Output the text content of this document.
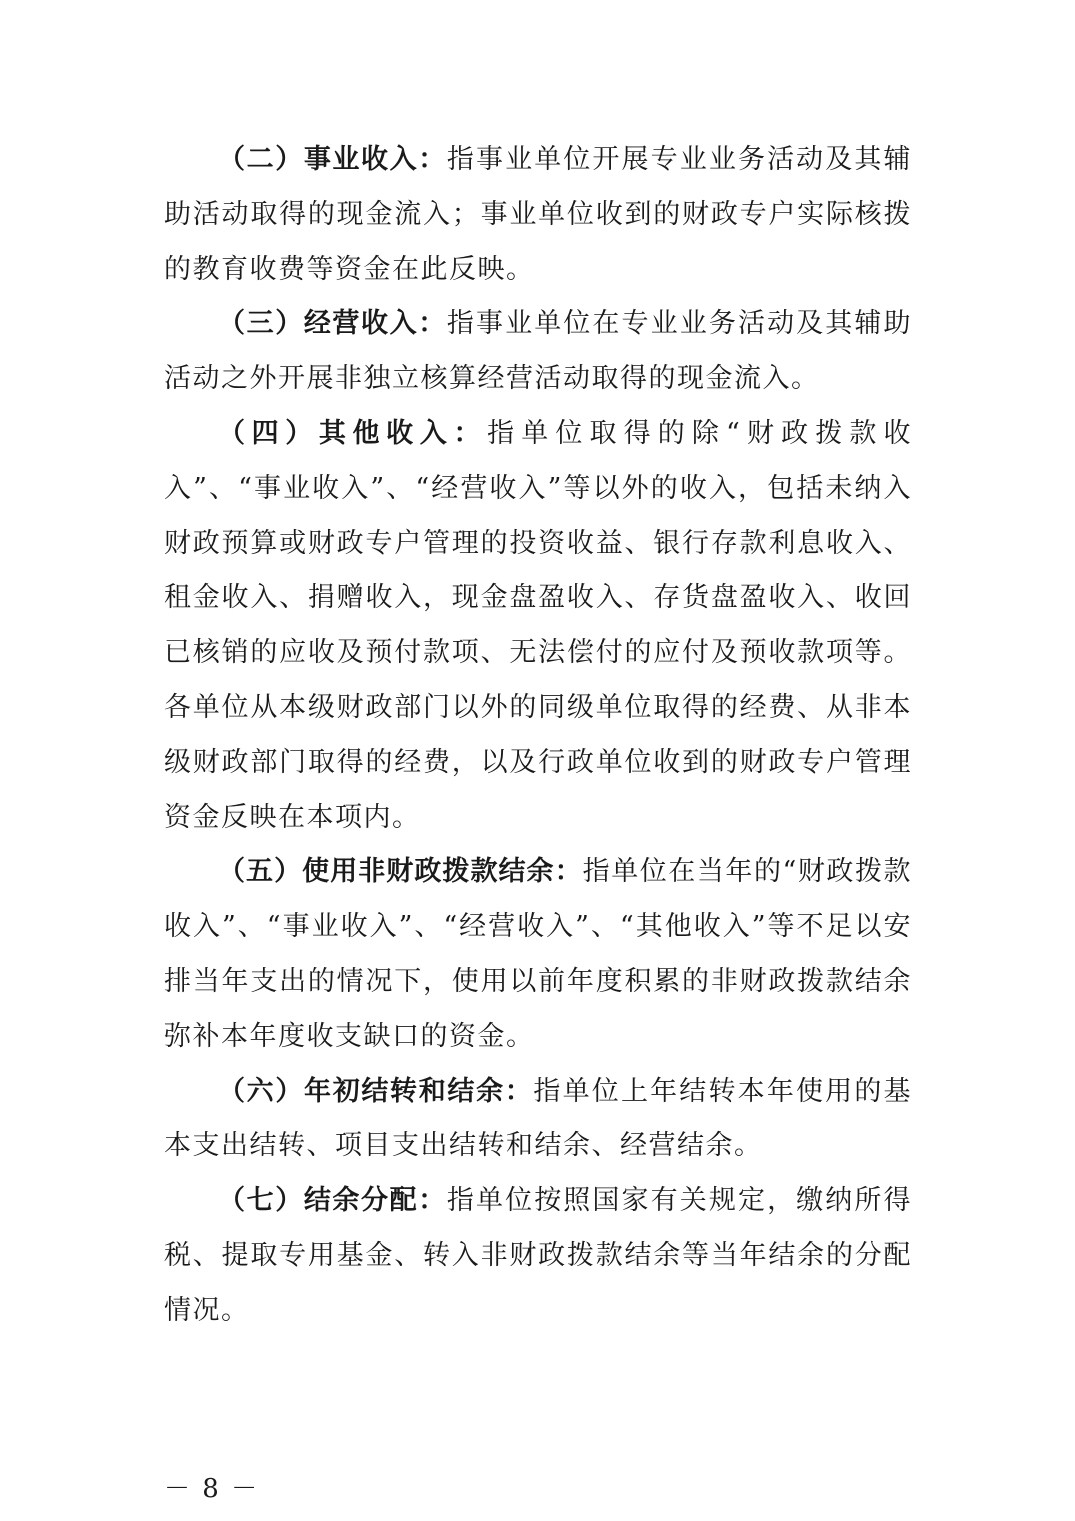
（二）事业收入：指事业单位开展专业业务活动及其辅助活动取得的现金流入；事业单位收到的财政专户实际核拨的教育收费等资金在此反映。

（三）经营收入：指事业单位在专业业务活动及其辅助活动之外开展非独立核算经营活动取得的现金流入。

（四）其他收入：指单位取得的除“财政拨款收入”、“事业收入”、“经营收入”等以外的收入，包括未纳入财政预算或财政专户管理的投资收益、银行存款利息收入、租金收入、捐赠收入，现金盘盈收入、存货盘盈收入、收回已核销的应收及预付款项、无法偿付的应付及预收款项等。各单位从本级财政部门以外的同级单位取得的经费、从非本级财政部门取得的经费，以及行政单位收到的财政专户管理资金反映在本项内。

（五）使用非财政拨款结余：指单位在当年的“财政拨款收入”、“事业收入”、“经营收入”、“其他收入”等不足以安排当年支出的情况下，使用以前年度积累的非财政拨款结余弥补本年度收支缺口的资金。

（六）年初结转和结余：指单位上年结转本年使用的基本支出结转、项目支出结转和结余、经营结余。

（七）结余分配：指单位按照国家有关规定，缴纳所得税、提取专用基金、转入非财政拨款结余等当年结余的分配情况。

－ 8 －
